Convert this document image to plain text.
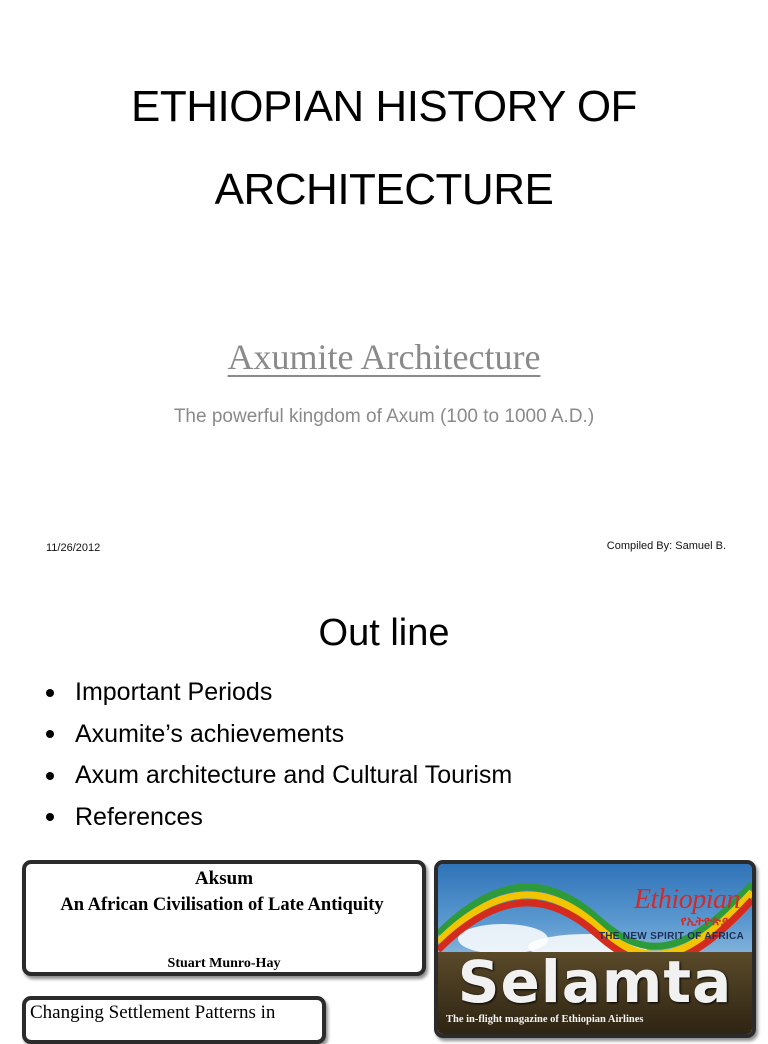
ETHIOPIAN HISTORY OF
ARCHITECTURE
Axumite Architecture
The powerful kingdom of Axum (100 to 1000 A.D.)
11/26/2012	Compiled By: Samuel B.
Out line
Important Periods
Axumite’s achievements
Axum architecture and Cultural Tourism
References
Aksum
An African Civilisation of Late Antiquity
Stuart Munro-Hay
Changing Settlement Patterns in
Ethiopian
የኢትዮጵያ
THE NEW SPIRIT OF AFRICA
Selamta
The in-flight magazine of Ethiopian Airlines
